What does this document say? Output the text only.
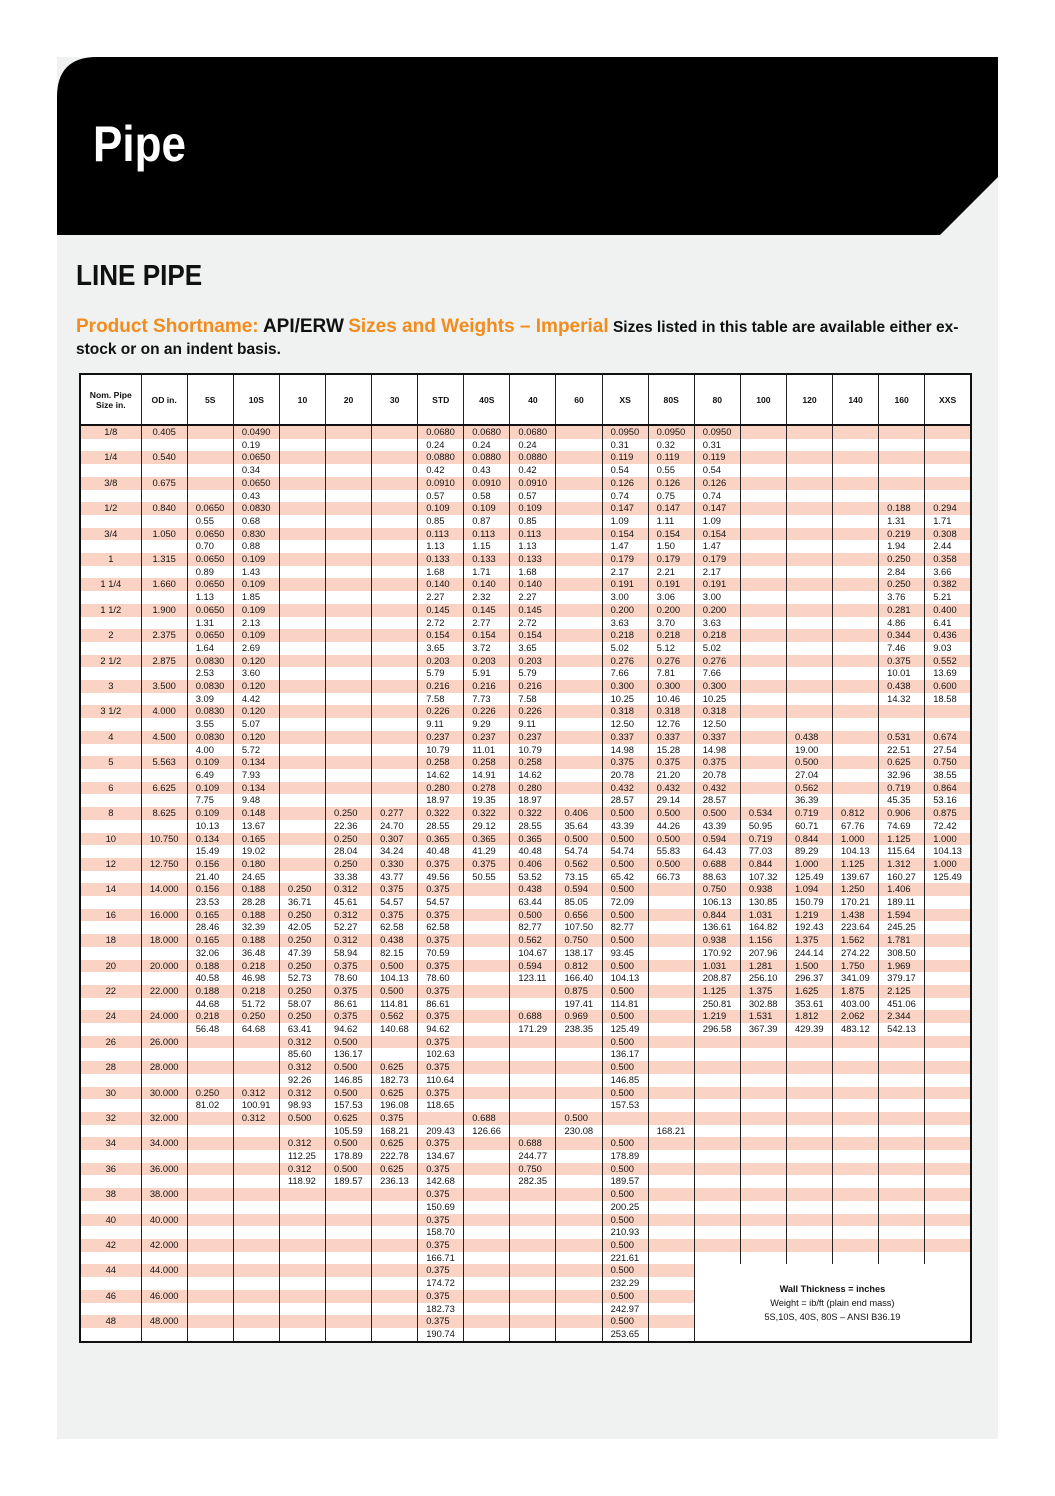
Pipe
LINE PIPE
Product Shortname: API/ERW Sizes and Weights – Imperial Sizes listed in this table are available either ex-stock or on an indent basis.
Nom. Pipe Size in.	OD in.	5S	10S	10	20	30	STD	40S	40	60	XS	80S	80	100	120	140	160	XXS
1/8	0.405		0.0490				0.0680	0.0680	0.0680		0.0950	0.0950	0.0950					
			0.19				0.24	0.24	0.24		0.31	0.32	0.31					
1/4	0.540		0.0650				0.0880	0.0880	0.0880		0.119	0.119	0.119					
			0.34				0.42	0.43	0.42		0.54	0.55	0.54					
3/8	0.675		0.0650				0.0910	0.0910	0.0910		0.126	0.126	0.126					
			0.43				0.57	0.58	0.57		0.74	0.75	0.74					
1/2	0.840	0.0650	0.0830				0.109	0.109	0.109		0.147	0.147	0.147				0.188	0.294
		0.55	0.68				0.85	0.87	0.85		1.09	1.11	1.09				1.31	1.71
3/4	1.050	0.0650	0.830				0.113	0.113	0.113		0.154	0.154	0.154				0.219	0.308
		0.70	0.88				1.13	1.15	1.13		1.47	1.50	1.47				1.94	2.44
1	1.315	0.0650	0.109				0.133	0.133	0.133		0.179	0.179	0.179				0.250	0.358
		0.89	1.43				1.68	1.71	1.68		2.17	2.21	2.17				2.84	3.66
1 1/4	1.660	0.0650	0.109				0.140	0.140	0.140		0.191	0.191	0.191				0.250	0.382
		1.13	1.85				2.27	2.32	2.27		3.00	3.06	3.00				3.76	5.21
1 1/2	1.900	0.0650	0.109				0.145	0.145	0.145		0.200	0.200	0.200				0.281	0.400
		1.31	2.13				2.72	2.77	2.72		3.63	3.70	3.63				4.86	6.41
2	2.375	0.0650	0.109				0.154	0.154	0.154		0.218	0.218	0.218				0.344	0.436
		1.64	2.69				3.65	3.72	3.65		5.02	5.12	5.02				7.46	9.03
2 1/2	2.875	0.0830	0.120				0.203	0.203	0.203		0.276	0.276	0.276				0.375	0.552
		2.53	3.60				5.79	5.91	5.79		7.66	7.81	7.66				10.01	13.69
3	3.500	0.0830	0.120				0.216	0.216	0.216		0.300	0.300	0.300				0.438	0.600
		3.09	4.42				7.58	7.73	7.58		10.25	10.46	10.25				14.32	18.58
3 1/2	4.000	0.0830	0.120				0.226	0.226	0.226		0.318	0.318	0.318					
		3.55	5.07				9.11	9.29	9.11		12.50	12.76	12.50					
4	4.500	0.0830	0.120				0.237	0.237	0.237		0.337	0.337	0.337		0.438		0.531	0.674
		4.00	5.72				10.79	11.01	10.79		14.98	15.28	14.98		19.00		22.51	27.54
5	5.563	0.109	0.134				0.258	0.258	0.258		0.375	0.375	0.375		0.500		0.625	0.750
		6.49	7.93				14.62	14.91	14.62		20.78	21.20	20.78		27.04		32.96	38.55
6	6.625	0.109	0.134				0.280	0.278	0.280		0.432	0.432	0.432		0.562		0.719	0.864
		7.75	9.48				18.97	19.35	18.97		28.57	29.14	28.57		36.39		45.35	53.16
8	8.625	0.109	0.148		0.250	0.277	0.322	0.322	0.322	0.406	0.500	0.500	0.500	0.534	0.719	0.812	0.906	0.875
		10.13	13.67		22.36	24.70	28.55	29.12	28.55	35.64	43.39	44.26	43.39	50.95	60.71	67.76	74.69	72.42
10	10.750	0.134	0.165		0.250	0.307	0.365	0.365	0.365	0.500	0.500	0.500	0.594	0.719	0.844	1.000	1.125	1.000
		15.49	19.02		28.04	34.24	40.48	41.29	40.48	54.74	54.74	55.83	64.43	77.03	89.29	104.13	115.64	104.13
12	12.750	0.156	0.180		0.250	0.330	0.375	0.375	0.406	0.562	0.500	0.500	0.688	0.844	1.000	1.125	1.312	1.000
		21.40	24.65		33.38	43.77	49.56	50.55	53.52	73.15	65.42	66.73	88.63	107.32	125.49	139.67	160.27	125.49
14	14.000	0.156	0.188	0.250	0.312	0.375	0.375		0.438	0.594	0.500		0.750	0.938	1.094	1.250	1.406	
		23.53	28.28	36.71	45.61	54.57	54.57		63.44	85.05	72.09		106.13	130.85	150.79	170.21	189.11	
16	16.000	0.165	0.188	0.250	0.312	0.375	0.375		0.500	0.656	0.500		0.844	1.031	1.219	1.438	1.594	
		28.46	32.39	42.05	52.27	62.58	62.58		82.77	107.50	82.77		136.61	164.82	192.43	223.64	245.25	
18	18.000	0.165	0.188	0.250	0.312	0.438	0.375		0.562	0.750	0.500		0.938	1.156	1.375	1.562	1.781	
		32.06	36.48	47.39	58.94	82.15	70.59		104.67	138.17	93.45		170.92	207.96	244.14	274.22	308.50	
20	20.000	0.188	0.218	0.250	0.375	0.500	0.375		0.594	0.812	0.500		1.031	1.281	1.500	1.750	1.969	
		40.58	46.98	52.73	78.60	104.13	78.60		123.11	166.40	104.13		208.87	256.10	296.37	341.09	379.17	
22	22.000	0.188	0.218	0.250	0.375	0.500	0.375			0.875	0.500		1.125	1.375	1.625	1.875	2.125	
		44.68	51.72	58.07	86.61	114.81	86.61			197.41	114.81		250.81	302.88	353.61	403.00	451.06	
24	24.000	0.218	0.250	0.250	0.375	0.562	0.375		0.688	0.969	0.500		1.219	1.531	1.812	2.062	2.344	
		56.48	64.68	63.41	94.62	140.68	94.62		171.29	238.35	125.49		296.58	367.39	429.39	483.12	542.13	
26	26.000			0.312	0.500		0.375				0.500							
				85.60	136.17		102.63				136.17							
28	28.000			0.312	0.500	0.625	0.375				0.500							
				92.26	146.85	182.73	110.64				146.85							
30	30.000	0.250	0.312	0.312	0.500	0.625	0.375				0.500							
		81.02	100.91	98.93	157.53	196.08	118.65				157.53							
32	32.000		0.312	0.500	0.625	0.375		0.688		0.500								
					105.59	168.21	209.43	126.66		230.08		168.21						
34	34.000			0.312	0.500	0.625	0.375		0.688		0.500							
				112.25	178.89	222.78	134.67		244.77		178.89							
36	36.000			0.312	0.500	0.625	0.375		0.750		0.500							
				118.92	189.57	236.13	142.68		282.35		189.57							
38	38.000						0.375				0.500							
							150.69				200.25							
40	40.000						0.375				0.500							
							158.70				210.93							
42	42.000						0.375				0.500							
							166.71				221.61							
44	44.000						0.375				0.500		Wall Thickness = inches
Weight = ib/ft (plain end mass)
5S,10S, 40S, 80S – ANSI B36.19					

							174.72				232.29							
46	46.000						0.375				0.500							
							182.73				242.97							
48	48.000						0.375				0.500							
							190.74				253.65							
